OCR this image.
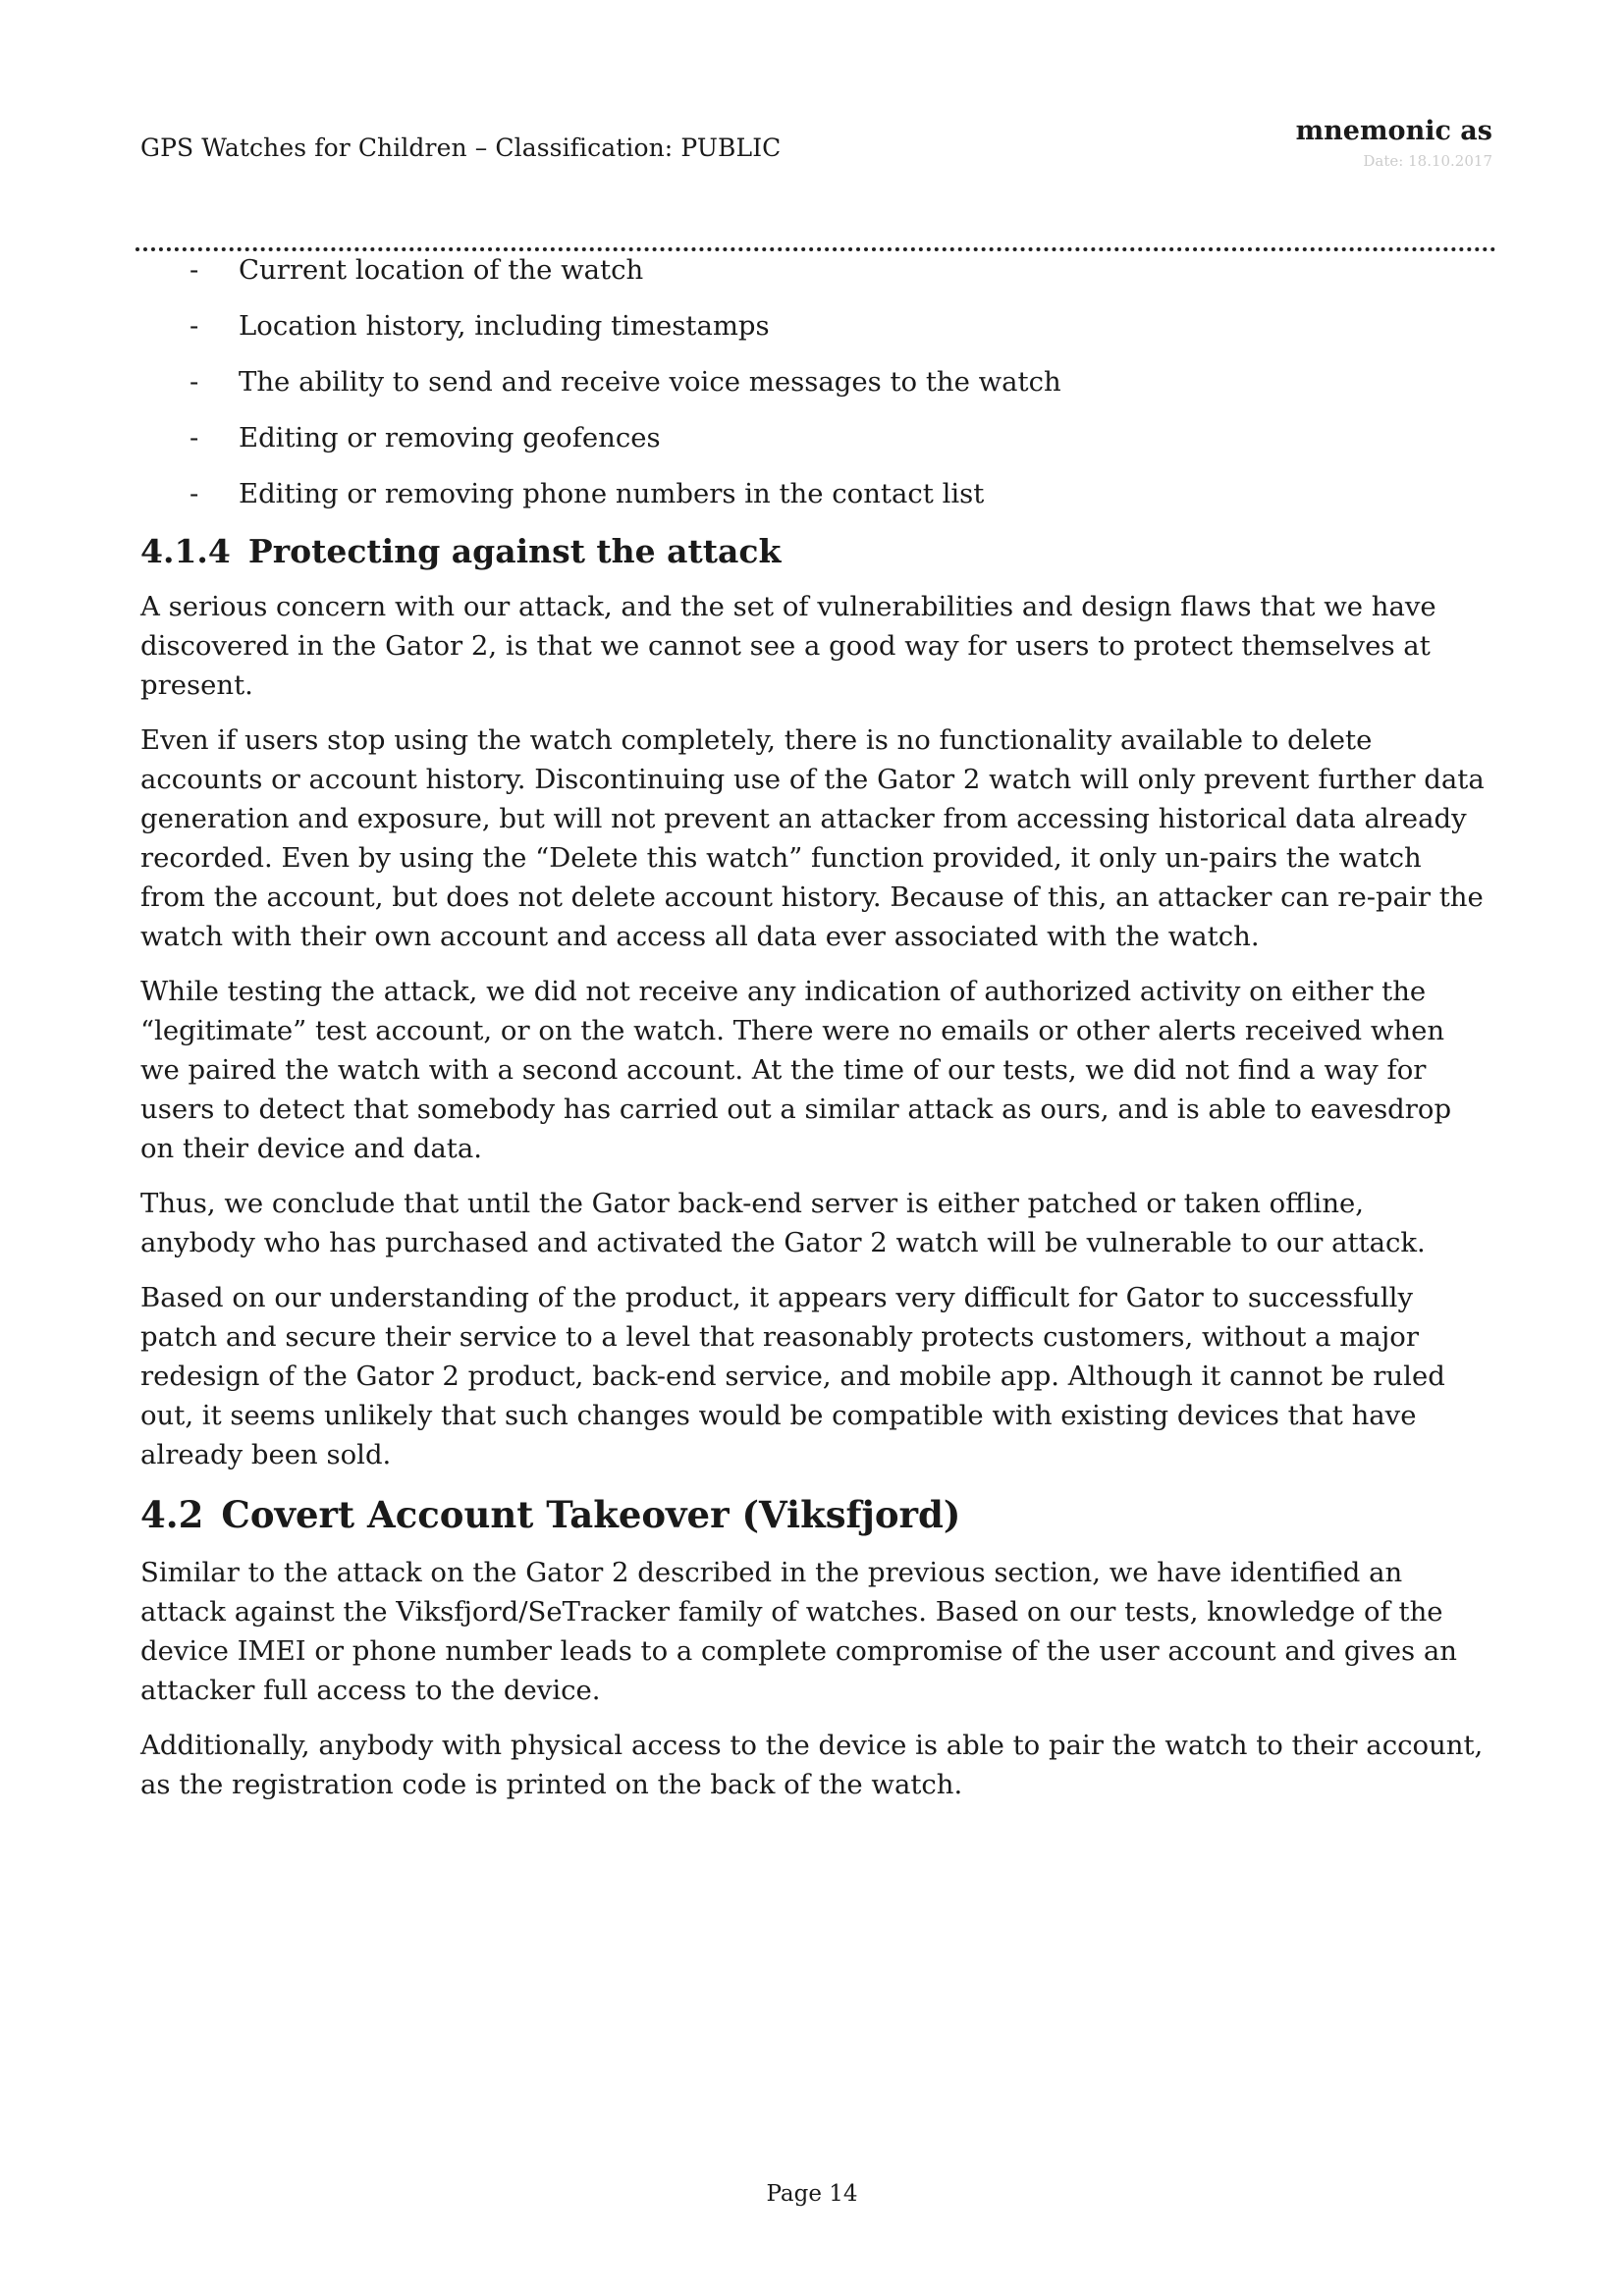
GPS Watches for Children – Classification: PUBLIC
mnemonic as
Date: 18.10.2017
- Current location of the watch
- Location history, including timestamps
- The ability to send and receive voice messages to the watch
- Editing or removing geofences
- Editing or removing phone numbers in the contact list
4.1.4 Protecting against the attack

A serious concern with our attack, and the set of vulnerabilities and design flaws that we have discovered in the Gator 2, is that we cannot see a good way for users to protect themselves at present.

Even if users stop using the watch completely, there is no functionality available to delete accounts or account history. Discontinuing use of the Gator 2 watch will only prevent further data generation and exposure, but will not prevent an attacker from accessing historical data already recorded. Even by using the “Delete this watch” function provided, it only un-pairs the watch from the account, but does not delete account history. Because of this, an attacker can re-pair the watch with their own account and access all data ever associated with the watch.

While testing the attack, we did not receive any indication of authorized activity on either the “legitimate” test account, or on the watch. There were no emails or other alerts received when we paired the watch with a second account. At the time of our tests, we did not find a way for users to detect that somebody has carried out a similar attack as ours, and is able to eavesdrop on their device and data.

Thus, we conclude that until the Gator back-end server is either patched or taken offline, anybody who has purchased and activated the Gator 2 watch will be vulnerable to our attack.

Based on our understanding of the product, it appears very difficult for Gator to successfully patch and secure their service to a level that reasonably protects customers, without a major redesign of the Gator 2 product, back-end service, and mobile app. Although it cannot be ruled out, it seems unlikely that such changes would be compatible with existing devices that have already been sold.

4.2 Covert Account Takeover (Viksfjord)

Similar to the attack on the Gator 2 described in the previous section, we have identified an attack against the Viksfjord/SeTracker family of watches. Based on our tests, knowledge of the device IMEI or phone number leads to a complete compromise of the user account and gives an attacker full access to the device.

Additionally, anybody with physical access to the device is able to pair the watch to their account, as the registration code is printed on the back of the watch.

Page 14
